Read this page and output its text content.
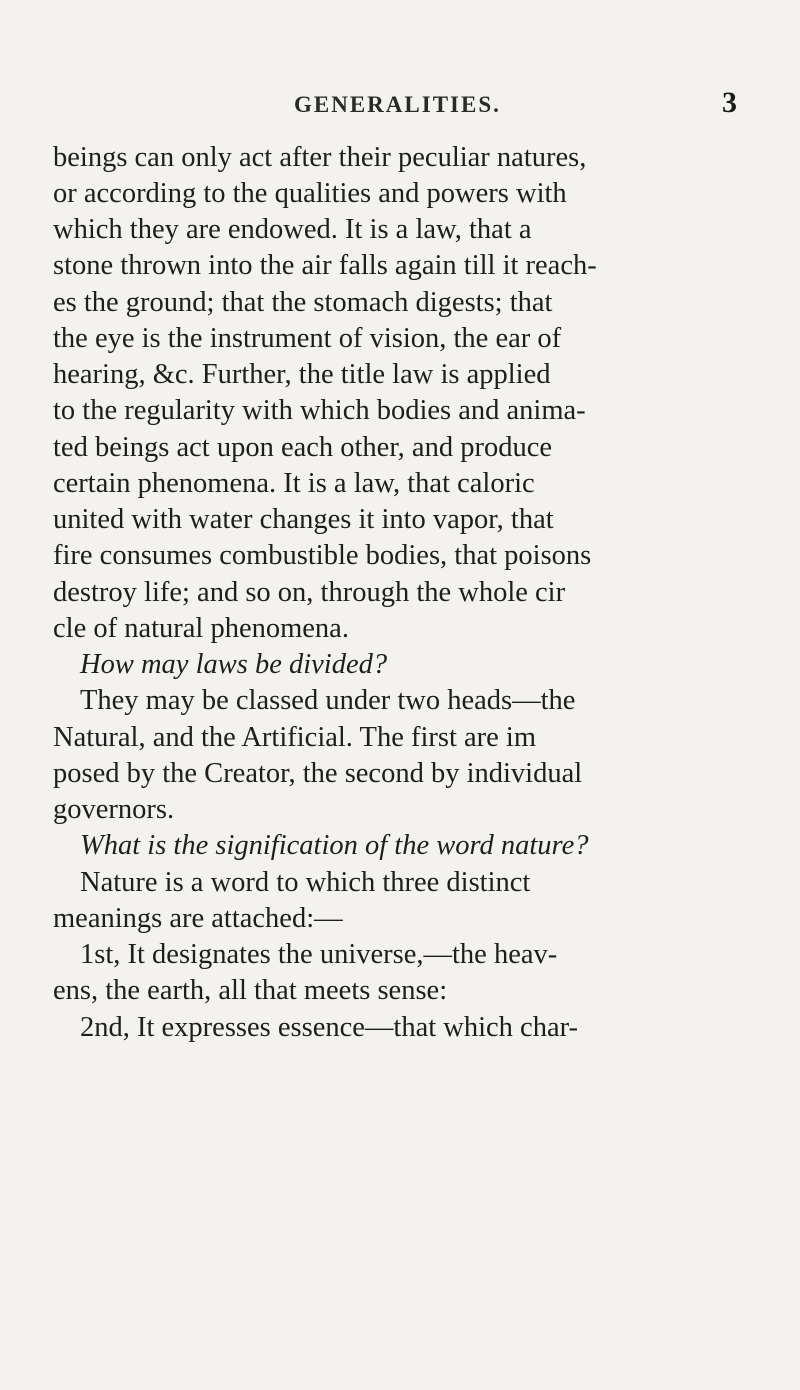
GENERALITIES.	3
beings can only act after their peculiar natures,
or according to the qualities and powers with
which they are endowed. It is a law, that a
stone thrown into the air falls again till it reach-
es the ground; that the stomach digests; that
the eye is the instrument of vision, the ear of
hearing, &c. Further, the title law is applied
to the regularity with which bodies and anima-
ted beings act upon each other, and produce
certain phenomena. It is a law, that caloric
united with water changes it into vapor, that
fire consumes combustible bodies, that poisons
destroy life; and so on, through the whole cir
cle of natural phenomena.
How may laws be divided?
They may be classed under two heads—the
Natural, and the Artificial. The first are im
posed by the Creator, the second by individual
governors.
What is the signification of the word nature?
Nature is a word to which three distinct
meanings are attached:—
1st, It designates the universe,—the heav-
ens, the earth, all that meets sense:
2nd, It expresses essence—that which char-
